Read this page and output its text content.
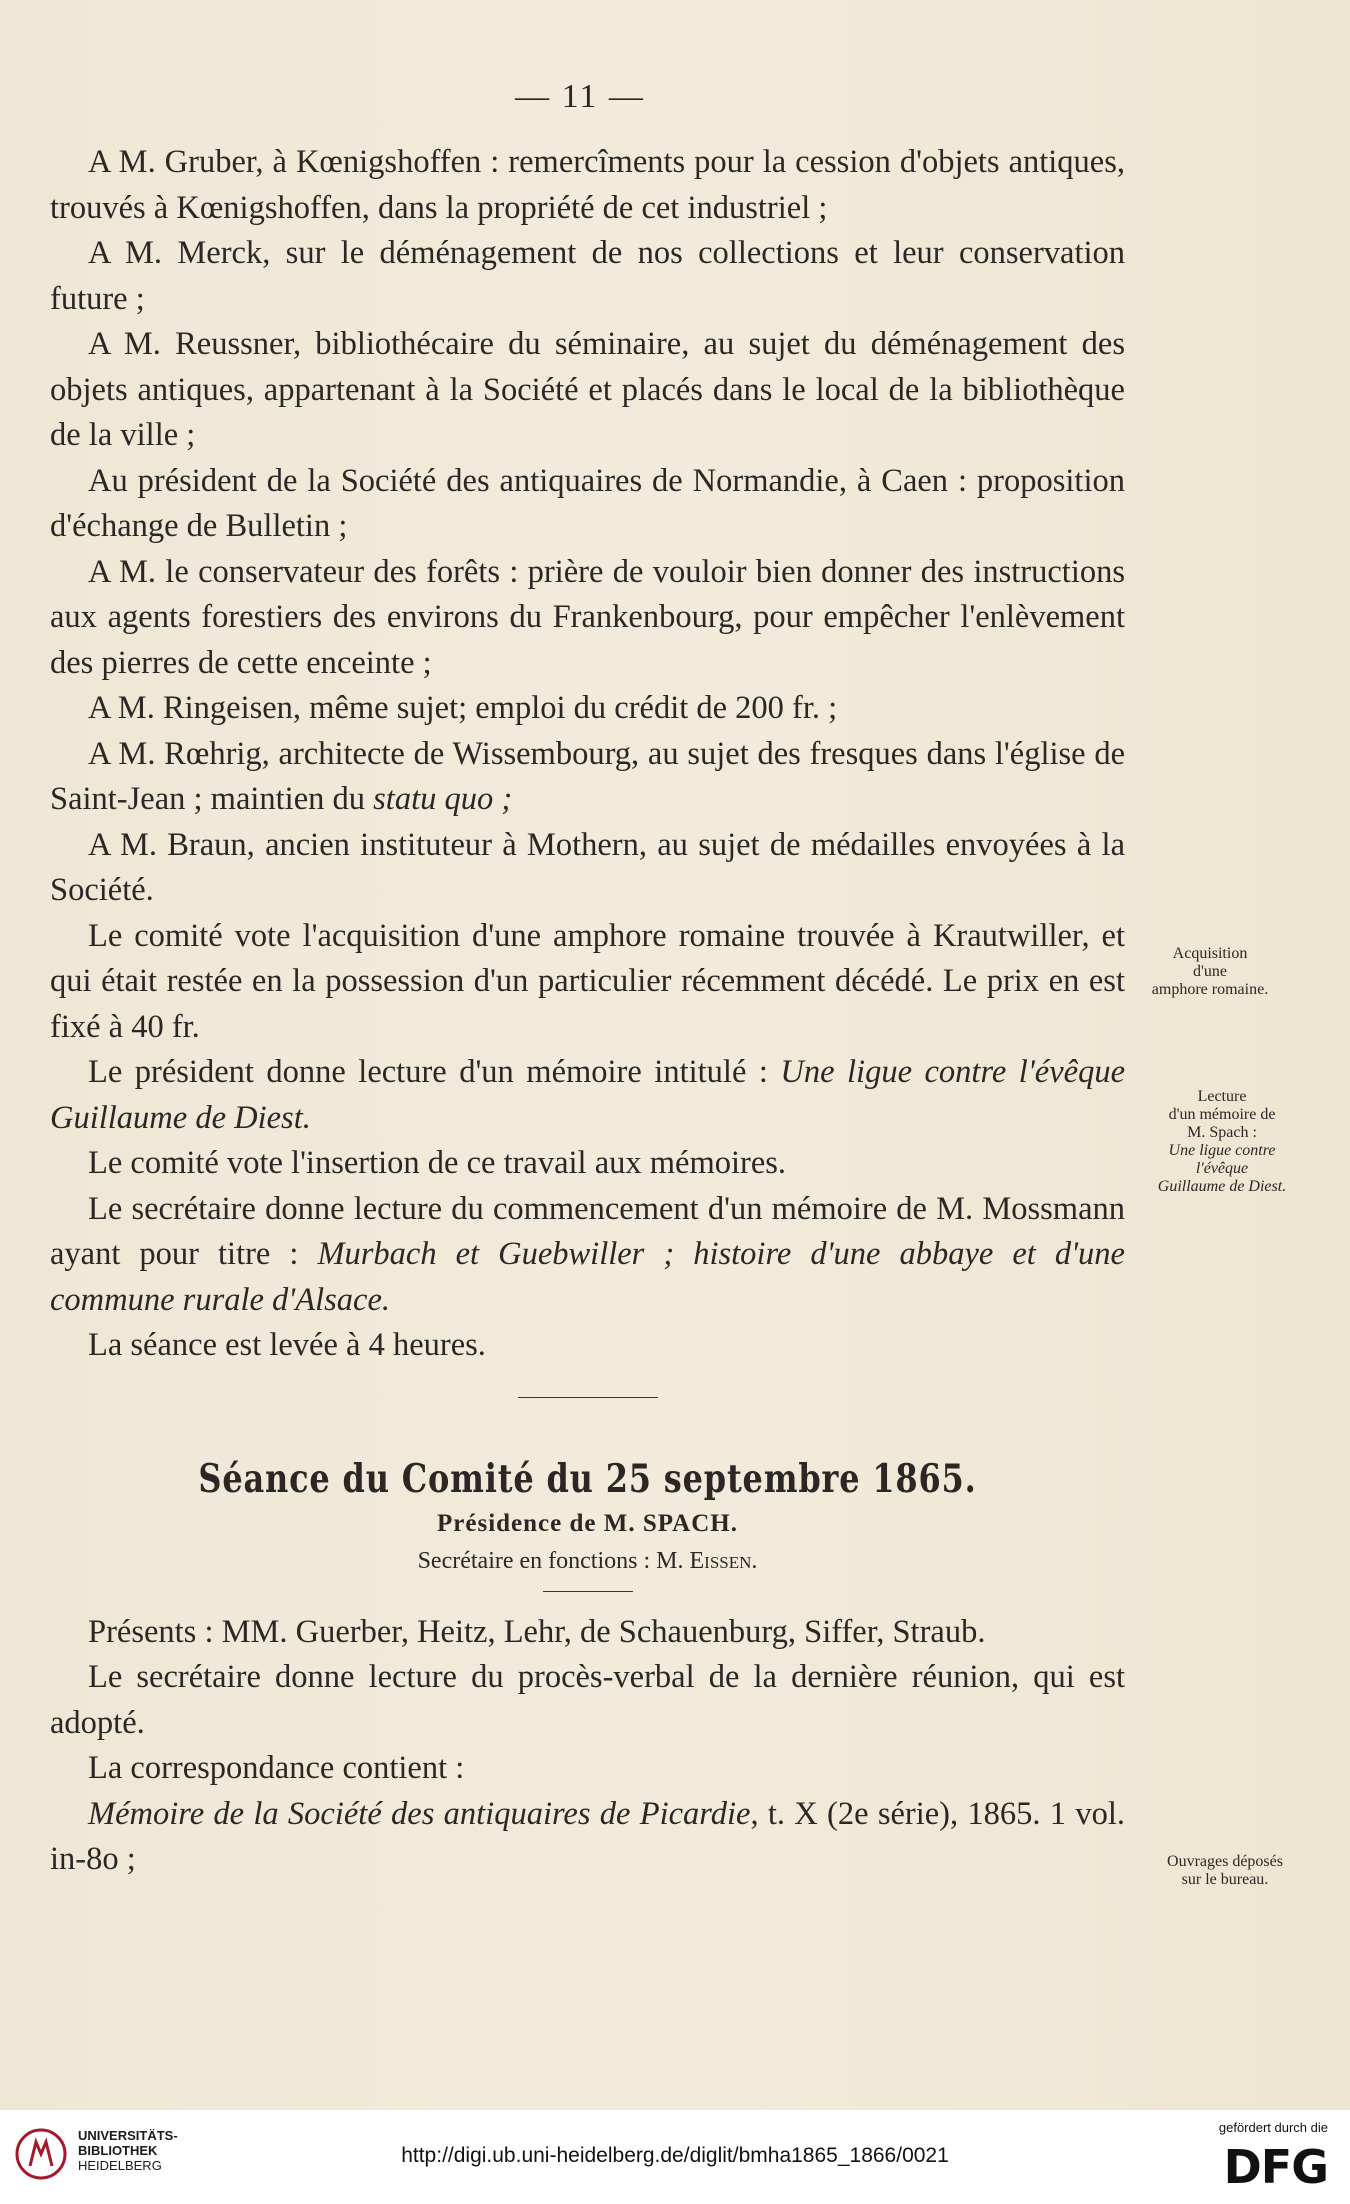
— 11 —

A M. Gruber, à Kœnigshoffen : remercîments pour la cession d'objets antiques, trouvés à Kœnigshoffen, dans la propriété de cet industriel ;

A M. Merck, sur le déménagement de nos collections et leur conservation future ;

A M. Reussner, bibliothécaire du séminaire, au sujet du déménagement des objets antiques, appartenant à la Société et placés dans le local de la bibliothèque de la ville ;

Au président de la Société des antiquaires de Normandie, à Caen : proposition d'échange de Bulletin ;

A M. le conservateur des forêts : prière de vouloir bien donner des instructions aux agents forestiers des environs du Frankenbourg, pour empêcher l'enlèvement des pierres de cette enceinte ;

A M. Ringeisen, même sujet; emploi du crédit de 200 fr. ;

A M. Rœhrig, architecte de Wissembourg, au sujet des fresques dans l'église de Saint-Jean ; maintien du statu quo ;

A M. Braun, ancien instituteur à Mothern, au sujet de médailles envoyées à la Société.

Le comité vote l'acquisition d'une amphore romaine trouvée à Krautwiller, et qui était restée en la possession d'un particulier récemment décédé. Le prix en est fixé à 40 fr.

Le président donne lecture d'un mémoire intitulé : Une ligue contre l'évêque Guillaume de Diest.

Le comité vote l'insertion de ce travail aux mémoires.

Le secrétaire donne lecture du commencement d'un mémoire de M. Mossmann ayant pour titre : Murbach et Guebwiller ; histoire d'une abbaye et d'une commune rurale d'Alsace.

La séance est levée à 4 heures.

Séance du Comité du 25 septembre 1865.
Présidence de M. SPACH.
Secrétaire en fonctions : M. Eissen.

Présents : MM. Guerber, Heitz, Lehr, de Schauenburg, Siffer, Straub.

Le secrétaire donne lecture du procès-verbal de la dernière réunion, qui est adopté.

La correspondance contient :

Mémoire de la Société des antiquaires de Picardie, t. X (2e série), 1865. 1 vol. in-8o ;

Acquisition
d'une
amphore romaine.
Lecture
d'un mémoire de
M. Spach :
Une ligue contre
l'évêque
Guillaume de Diest.
Ouvrages déposés
sur le bureau.
UNIVERSITÄTS-
BIBLIOTHEK
HEIDELBERG	http://digi.ub.uni-heidelberg.de/diglit/bmha1865_1866/0021
gefördert durch die
DFG
